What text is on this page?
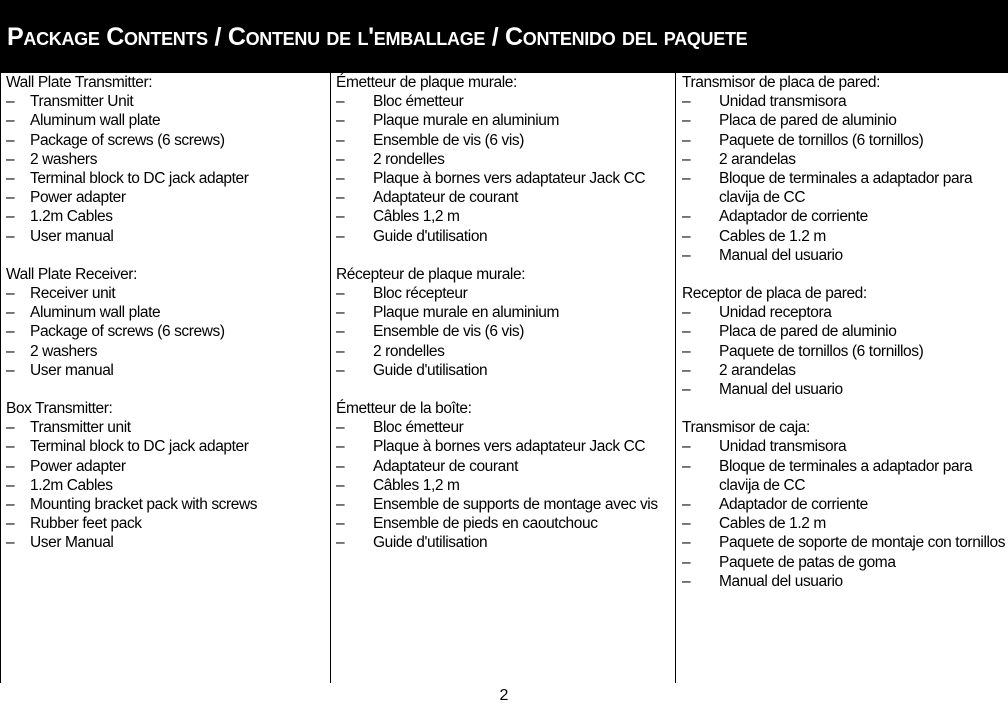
Package Contents / Contenu de l'emballage / Contenido del paquete
Wall Plate Transmitter:
– Transmitter Unit
– Aluminum wall plate
– Package of screws (6 screws)
– 2 washers
– Terminal block to DC jack adapter
– Power adapter
– 1.2m Cables
– User manual
Wall Plate Receiver:
– Receiver unit
– Aluminum wall plate
– Package of screws (6 screws)
– 2 washers
– User manual
Box Transmitter:
– Transmitter unit
– Terminal block to DC jack adapter
– Power adapter
– 1.2m Cables
– Mounting bracket pack with screws
– Rubber feet pack
– User Manual
Émetteur de plaque murale:
– Bloc émetteur
– Plaque murale en aluminium
– Ensemble de vis (6 vis)
– 2 rondelles
– Plaque à bornes vers adaptateur Jack CC
– Adaptateur de courant
– Câbles 1,2 m
– Guide d'utilisation
Récepteur de plaque murale:
– Bloc récepteur
– Plaque murale en aluminium
– Ensemble de vis (6 vis)
– 2 rondelles
– Guide d'utilisation
Émetteur de la boîte:
– Bloc émetteur
– Plaque à bornes vers adaptateur Jack CC
– Adaptateur de courant
– Câbles 1,2 m
– Ensemble de supports de montage avec vis
– Ensemble de pieds en caoutchouc
– Guide d'utilisation
Transmisor de placa de pared:
– Unidad transmisora
– Placa de pared de aluminio
– Paquete de tornillos (6 tornillos)
– 2 arandelas
– Bloque de terminales a adaptador para clavija de CC
– Adaptador de corriente
– Cables de 1.2 m
– Manual del usuario
Receptor de placa de pared:
– Unidad receptora
– Placa de pared de aluminio
– Paquete de tornillos (6 tornillos)
– 2 arandelas
– Manual del usuario
Transmisor de caja:
– Unidad transmisora
– Bloque de terminales a adaptador para clavija de CC
– Adaptador de corriente
– Cables de 1.2 m
– Paquete de soporte de montaje con tornillos
– Paquete de patas de goma
– Manual del usuario
2
